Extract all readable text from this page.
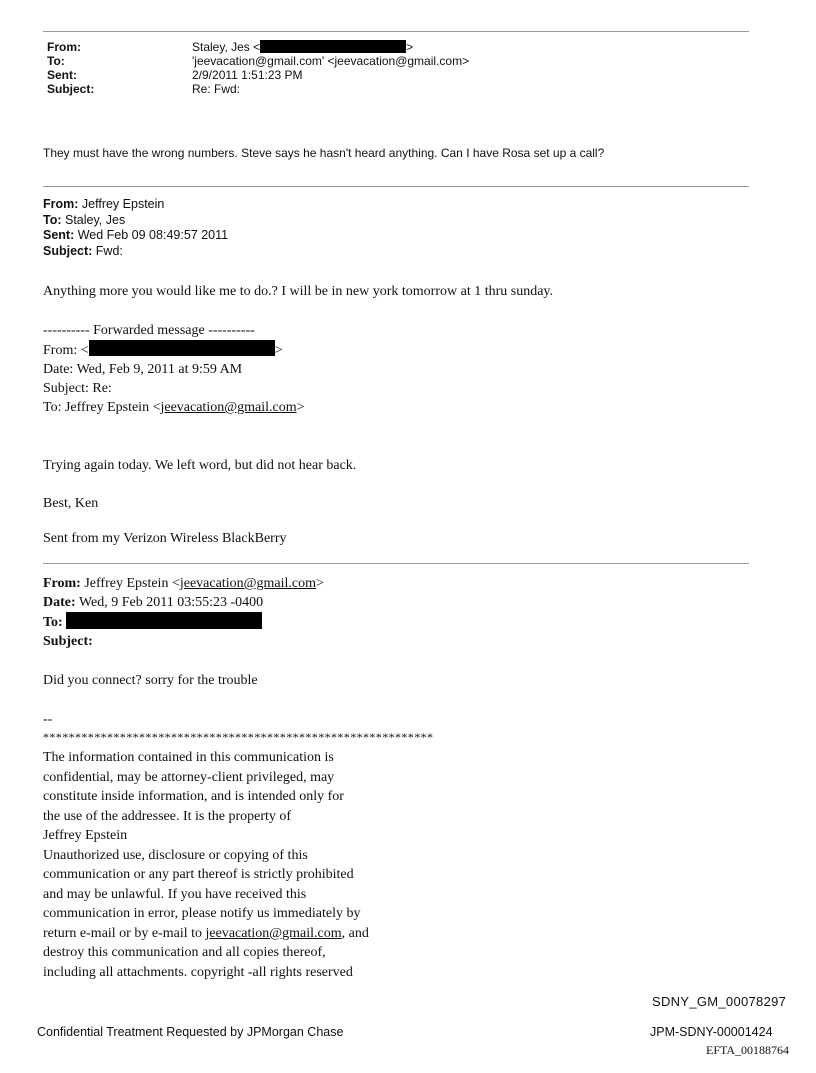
From:	Staley, Jes <	>
To:	'jeevacation@gmail.com' <jeevacation@gmail.com>
Sent:	2/9/2011 1:51:23 PM
Subject:	Re: Fwd:
They must have the wrong numbers. Steve says he hasn't heard anything. Can I have Rosa set up a call?
From: Jeffrey Epstein
To: Staley, Jes
Sent: Wed Feb 09 08:49:57 2011
Subject: Fwd:
Anything more you would like me to do.? I will be in new york tomorrow at 1 thru sunday.
---------- Forwarded message ----------
From: <	>
Date: Wed, Feb 9, 2011 at 9:59 AM
Subject: Re:
To: Jeffrey Epstein <jeevacation@gmail.com>
Trying again today. We left word, but did not hear back.
Best, Ken
Sent from my Verizon Wireless BlackBerry
From: Jeffrey Epstein <jeevacation@gmail.com>
Date: Wed, 9 Feb 2011 03:55:23 -0400
To:
Subject:
Did you connect? sorry for the trouble
--
*************************************************************
The information contained in this communication is
confidential, may be attorney-client privileged, may
constitute inside information, and is intended only for
the use of the addressee. It is the property of
Jeffrey Epstein
Unauthorized use, disclosure or copying of this
communication or any part thereof is strictly prohibited
and may be unlawful. If you have received this
communication in error, please notify us immediately by
return e-mail or by e-mail to jeevacation@gmail.com, and
destroy this communication and all copies thereof,
including all attachments. copyright -all rights reserved
SDNY_GM_00078297
Confidential Treatment Requested by JPMorgan Chase	JPM-SDNY-00001424
EFTA_00188764
